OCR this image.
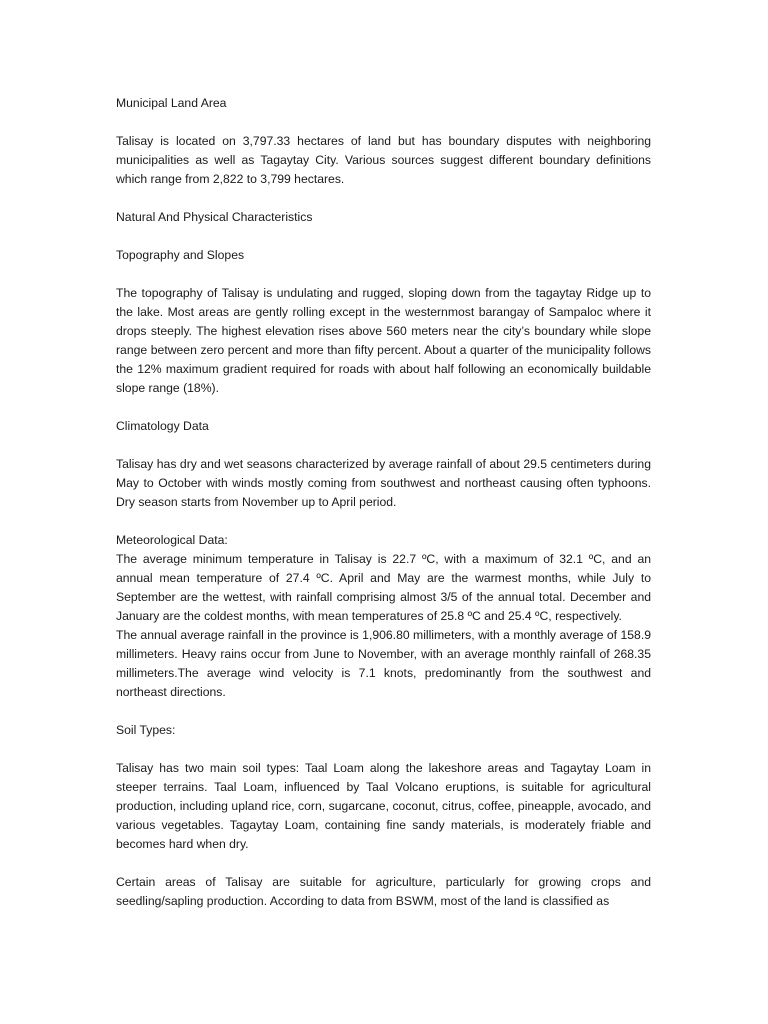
Municipal Land Area

Talisay is located on 3,797.33 hectares of land but has boundary disputes with neighboring municipalities as well as Tagaytay City. Various sources suggest different boundary definitions which range from 2,822 to 3,799 hectares.

Natural And Physical Characteristics

Topography and Slopes

The topography of Talisay is undulating and rugged, sloping down from the tagaytay Ridge up to the lake. Most areas are gently rolling except in the westernmost barangay of Sampaloc where it drops steeply. The highest elevation rises above 560 meters near the city’s boundary while slope range between zero percent and more than fifty percent. About a quarter of the municipality follows the 12% maximum gradient required for roads with about half following an economically buildable slope range (18%).

Climatology Data

Talisay has dry and wet seasons characterized by average rainfall of about 29.5 centimeters during May to October with winds mostly coming from southwest and northeast causing often typhoons. Dry season starts from November up to April period.

Meteorological Data:

The average minimum temperature in Talisay is 22.7 ºC, with a maximum of 32.1 ºC, and an annual mean temperature of 27.4 ºC. April and May are the warmest months, while July to September are the wettest, with rainfall comprising almost 3/5 of the annual total. December and January are the coldest months, with mean temperatures of 25.8 ºC and 25.4 ºC, respectively.

The annual average rainfall in the province is 1,906.80 millimeters, with a monthly average of 158.9 millimeters. Heavy rains occur from June to November, with an average monthly rainfall of 268.35 millimeters.The average wind velocity is 7.1 knots, predominantly from the southwest and northeast directions.

Soil Types:

Talisay has two main soil types: Taal Loam along the lakeshore areas and Tagaytay Loam in steeper terrains. Taal Loam, influenced by Taal Volcano eruptions, is suitable for agricultural production, including upland rice, corn, sugarcane, coconut, citrus, coffee, pineapple, avocado, and various vegetables. Tagaytay Loam, containing fine sandy materials, is moderately friable and becomes hard when dry.

Certain areas of Talisay are suitable for agriculture, particularly for growing crops and seedling/sapling production. According to data from BSWM, most of the land is classified as
